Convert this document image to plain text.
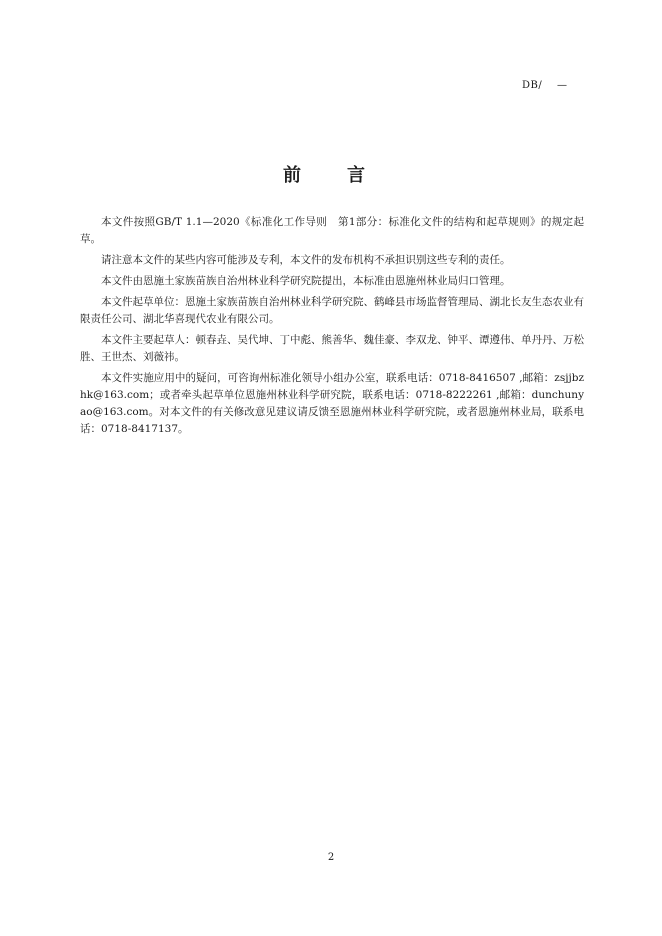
DB/    —
前　言

本文件按照GB/T 1.1—2020《标准化工作导则　第1部分：标准化文件的结构和起草规则》的规定起草。

请注意本文件的某些内容可能涉及专利，本文件的发布机构不承担识别这些专利的责任。

本文件由恩施土家族苗族自治州林业科学研究院提出，本标准由恩施州林业局归口管理。

本文件起草单位：恩施土家族苗族自治州林业科学研究院、鹤峰县市场监督管理局、湖北长友生态农业有限责任公司、湖北华喜现代农业有限公司。

本文件主要起草人：顿春垚、吴代坤、丁中彪、熊善华、魏佳豪、李双龙、钟平、谭遵伟、单丹丹、万松胜、王世杰、刘薇祎。

本文件实施应用中的疑问，可咨询州标准化领导小组办公室，联系电话：0718-8416507 ,邮箱：zsjjbzhk@163.com；或者牵头起草单位恩施州林业科学研究院，联系电话：0718-8222261 ,邮箱：dunchunyao@163.com。对本文件的有关修改意见建议请反馈至恩施州林业科学研究院，或者恩施州林业局，联系电话：0718-8417137。

2
